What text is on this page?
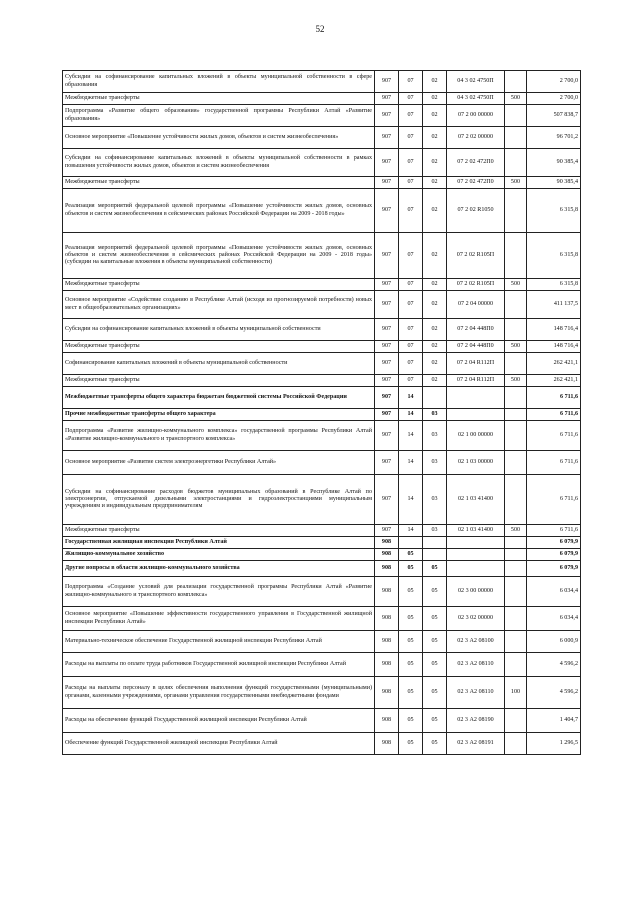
52
Субсидии на софинансирование капитальных вложений в объекты муниципальной собственности в сфере образования	907	07	02	04 3 02 4750П		2 700,0
Межбюджетные трансферты	907	07	02	04 3 02 4750П	500	2 700,0
Подпрограмма «Развитие общего образования» государственной программы Республики Алтай «Развитие образования»	907	07	02	07 2 00 00000		507 838,7
Основное мероприятие «Повышение устойчивости жилых домов, объектов и систем жизнеобеспечения»	907	07	02	07 2 02 00000		96 701,2
Субсидии на софинансирование капитальных вложений в объекты муниципальной собственности в рамках повышения устойчивости жилых домов, объектов и систем жизнеобеспечения	907	07	02	07 2 02 472П0		90 385,4
Межбюджетные трансферты	907	07	02	07 2 02 472П0	500	90 385,4
Реализация мероприятий федеральной целевой программы «Повышение устойчивости жилых домов, основных объектов и систем жизнеобеспечения в сейсмических районах Российской Федерации на 2009 - 2018 годы»	907	07	02	07 2 02 R1050		6 315,8
Реализация мероприятий федеральной целевой программы «Повышение устойчивости жилых домов, основных объектов и систем жизнеобеспечения в сейсмических районах Российской Федерации на 2009 - 2018 годы» (субсидии на капитальные вложения в объекты муниципальной собственности)	907	07	02	07 2 02 R105П		6 315,8
Межбюджетные трансферты	907	07	02	07 2 02 R105П	500	6 315,8
Основное мероприятие «Содействие созданию в Республике Алтай (исходя из прогнозируемой потребности) новых мест в общеобразовательных организациях»	907	07	02	07 2 04 00000		411 137,5
Субсидии на софинансирование капитальных вложений в объекты муниципальной собственности	907	07	02	07 2 04 448П0		148 716,4
Межбюджетные трансферты	907	07	02	07 2 04 448П0	500	148 716,4
Софинансирование капитальных вложений в объекты муниципальной собственности	907	07	02	07 2 04 R112П		262 421,1
Межбюджетные трансферты	907	07	02	07 2 04 R112П	500	262 421,1
Межбюджетные трансферты общего характера бюджетам бюджетной системы Российской Федерации	907	14				6 711,6
Прочие межбюджетные трансферты общего характера	907	14	03			6 711,6
Подпрограмма «Развитие жилищно-коммунального комплекса» государственной программы Республики Алтай «Развитие жилищно-коммунального и транспортного комплекса»	907	14	03	02 1 00 00000		6 711,6
Основное мероприятие «Развитие систем электроэнергетики Республики Алтай»	907	14	03	02 1 03 00000		6 711,6
Субсидии на софинансирование расходов бюджетов муниципальных образований в Республике Алтай по электроэнергии, отпускаемой дизельными электростанциями и гидроэлектростанциями муниципальным учреждениям и индивидуальным предпринимателям	907	14	03	02 1 03 41400		6 711,6
Межбюджетные трансферты	907	14	03	02 1 03 41400	500	6 711,6
Государственная жилищная инспекция Республики Алтай	908					6 079,9
Жилищно-коммунальное хозяйство	908	05				6 079,9
Другие вопросы в области жилищно-коммунального хозяйства	908	05	05			6 079,9
Подпрограмма «Создание условий для реализации государственной программы Республики Алтай «Развитие жилищно-коммунального и транспортного комплекса»	908	05	05	02 3 00 00000		6 034,4
Основное мероприятие «Повышение эффективности государственного управления в Государственной жилищной инспекции Республики Алтай»	908	05	05	02 3 02 00000		6 034,4
Материально-техническое обеспечение Государственной жилищной инспекции Республики Алтай	908	05	05	02 3 А2 08100		6 000,9
Расходы на выплаты по оплате труда работников Государственной жилищной инспекции Республики Алтай	908	05	05	02 3 А2 08110		4 596,2
Расходы на выплаты персоналу в целях обеспечения выполнения функций государственными (муниципальными) органами, казенными учреждениями, органами управления государственными внебюджетными фондами	908	05	05	02 3 А2 08110	100	4 596,2
Расходы на обеспечение функций Государственной жилищной инспекции Республики Алтай	908	05	05	02 3 А2 08190		1 404,7
Обеспечение функций Государственной жилищной инспекции Республики Алтай	908	05	05	02 3 А2 08191		1 296,5
